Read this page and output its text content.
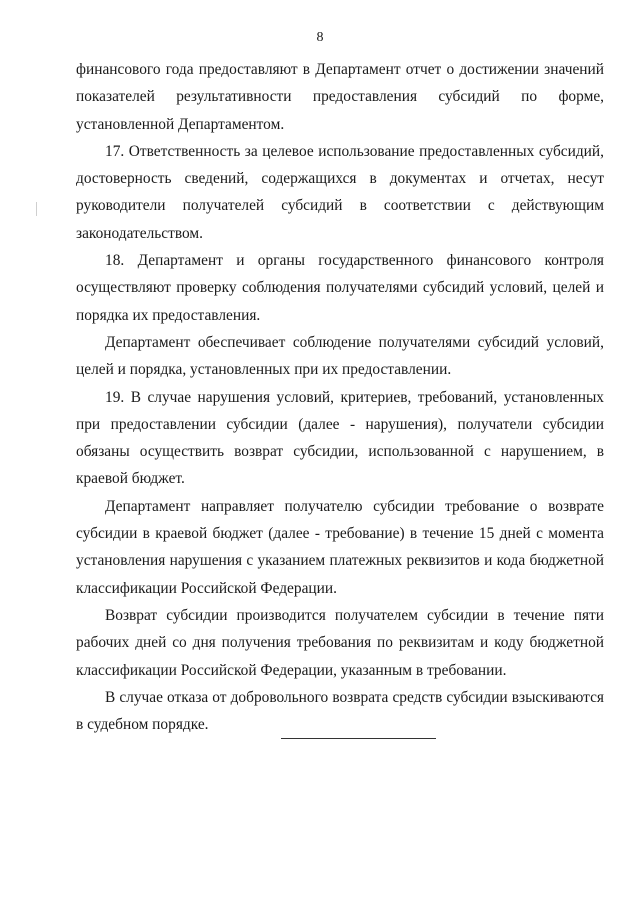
8

финансового года предоставляют в Департамент отчет о достижении значений показателей результативности предоставления субсидий по форме, установленной Департаментом.

17. Ответственность за целевое использование предоставленных субсидий, достоверность сведений, содержащихся в документах и отчетах, несут руководители получателей субсидий в соответствии с действующим законодательством.

18. Департамент и органы государственного финансового контроля осуществляют проверку соблюдения получателями субсидий условий, целей и порядка их предоставления.

Департамент обеспечивает соблюдение получателями субсидий условий, целей и порядка, установленных при их предоставлении.

19. В случае нарушения условий, критериев, требований, установленных при предоставлении субсидии (далее - нарушения), получатели субсидии обязаны осуществить возврат субсидии, использованной с нарушением, в краевой бюджет.

Департамент направляет получателю субсидии требование о возврате субсидии в краевой бюджет (далее - требование) в течение 15 дней с момента установления нарушения с указанием платежных реквизитов и кода бюджетной классификации Российской Федерации.

Возврат субсидии производится получателем субсидии в течение пяти рабочих дней со дня получения требования по реквизитам и коду бюджетной классификации Российской Федерации, указанным в требовании.

В случае отказа от добровольного возврата средств субсидии взыскиваются в судебном порядке.
